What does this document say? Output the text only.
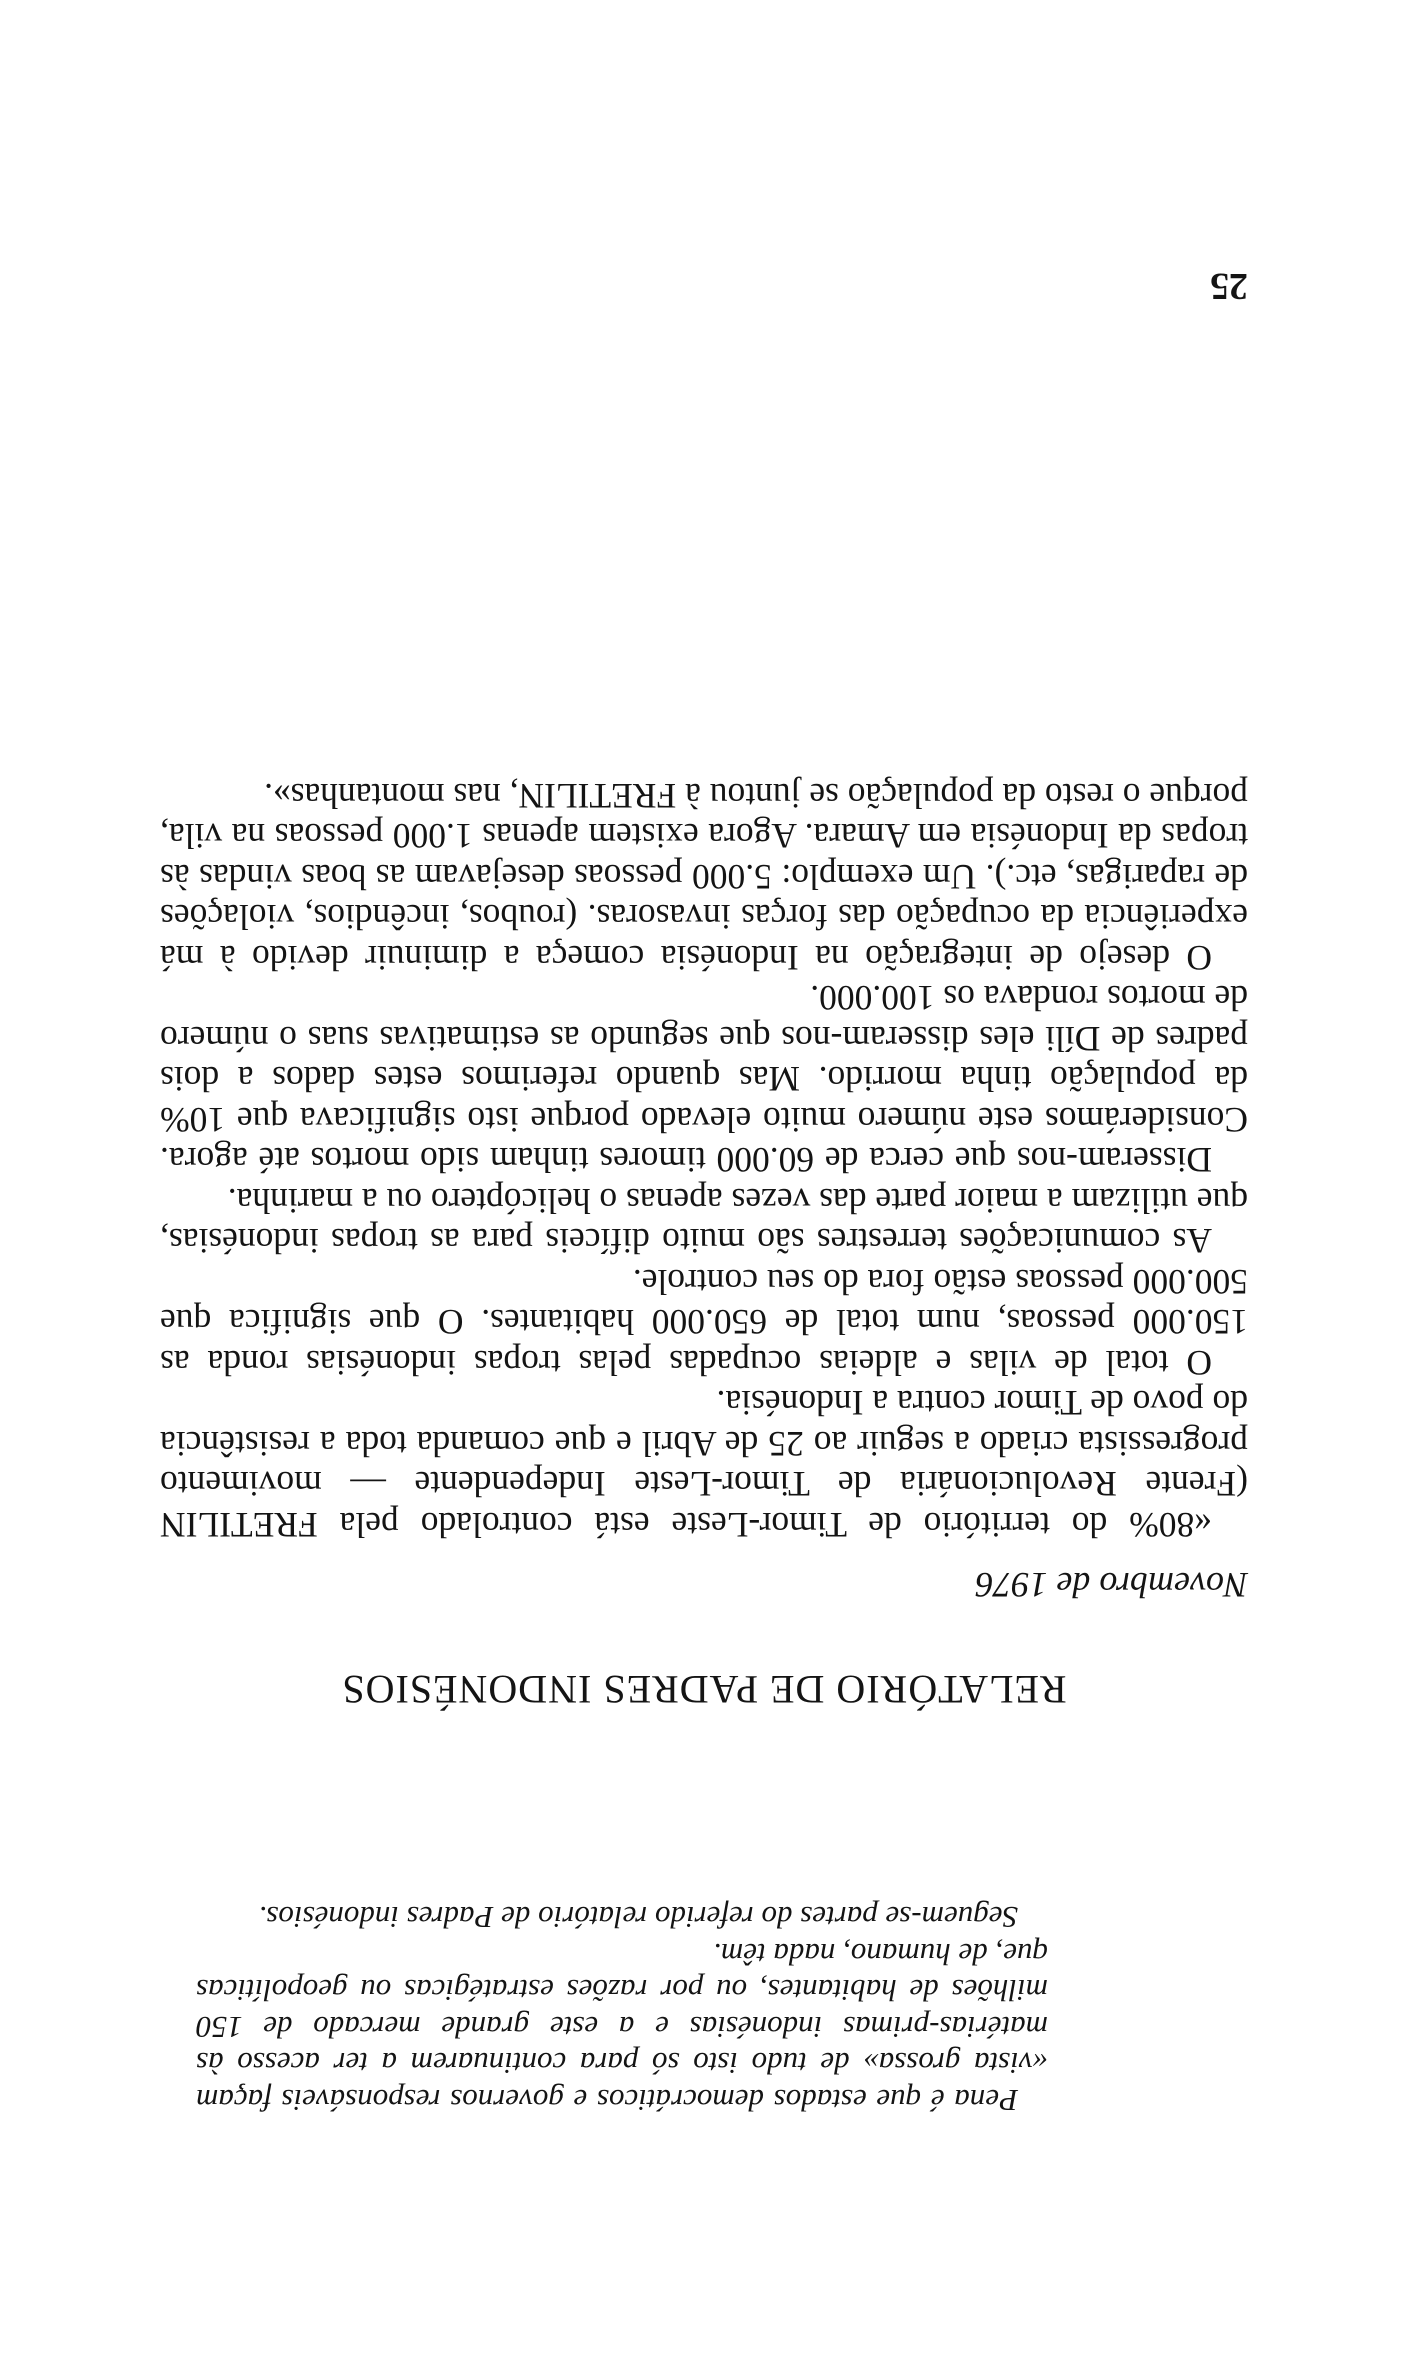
Pena é que estados democráticos e governos responsáveis façam «vista grossa» de tudo isto só para continuarem a ter acesso às matérias-primas indonésias e a este grande mercado de 150 milhões de habitantes, ou por razões estratégicas ou geopolíticas que, de humano, nada têm.

Seguem-se partes do referido relatório de Padres indonésios.

RELATÓRIO DE PADRES INDONÉSIOS

Novembro de 1976

«80% do território de Timor-Leste está controlado pela FRETILIN (Frente Revolucionária de Timor-Leste Independente — movimento progressista criado a seguir ao 25 de Abril e que comanda toda a resistência do povo de Timor contra a Indonésia.

O total de vilas e aldeias ocupadas pelas tropas indonésias ronda as 150.000 pessoas, num total de 650.000 habitantes. O que significa que 500.000 pessoas estão fora do seu controle.

As comunicações terrestres são muito difíceis para as tropas indonésias, que utilizam a maior parte das vezes apenas o helicóptero ou a marinha.

Disseram-nos que cerca de 60.000 timores tinham sido mortos até agora. Considerámos este número muito elevado porque isto significava que 10% da população tinha morrido. Mas quando referimos estes dados a dois padres de Díli eles disseram-nos que segundo as estimativas suas o número de mortos rondava os 100.000.

O desejo de integração na Indonésia começa a diminuir devido à má experiência da ocupação das forças invasoras. (roubos, incêndios, violações de raparigas, etc.). Um exemplo: 5.000 pessoas desejavam as boas vindas às tropas da Indonésia em Amara. Agora existem apenas 1.000 pessoas na vila, porque o resto da população se juntou à FRETILIN, nas montanhas».

25
